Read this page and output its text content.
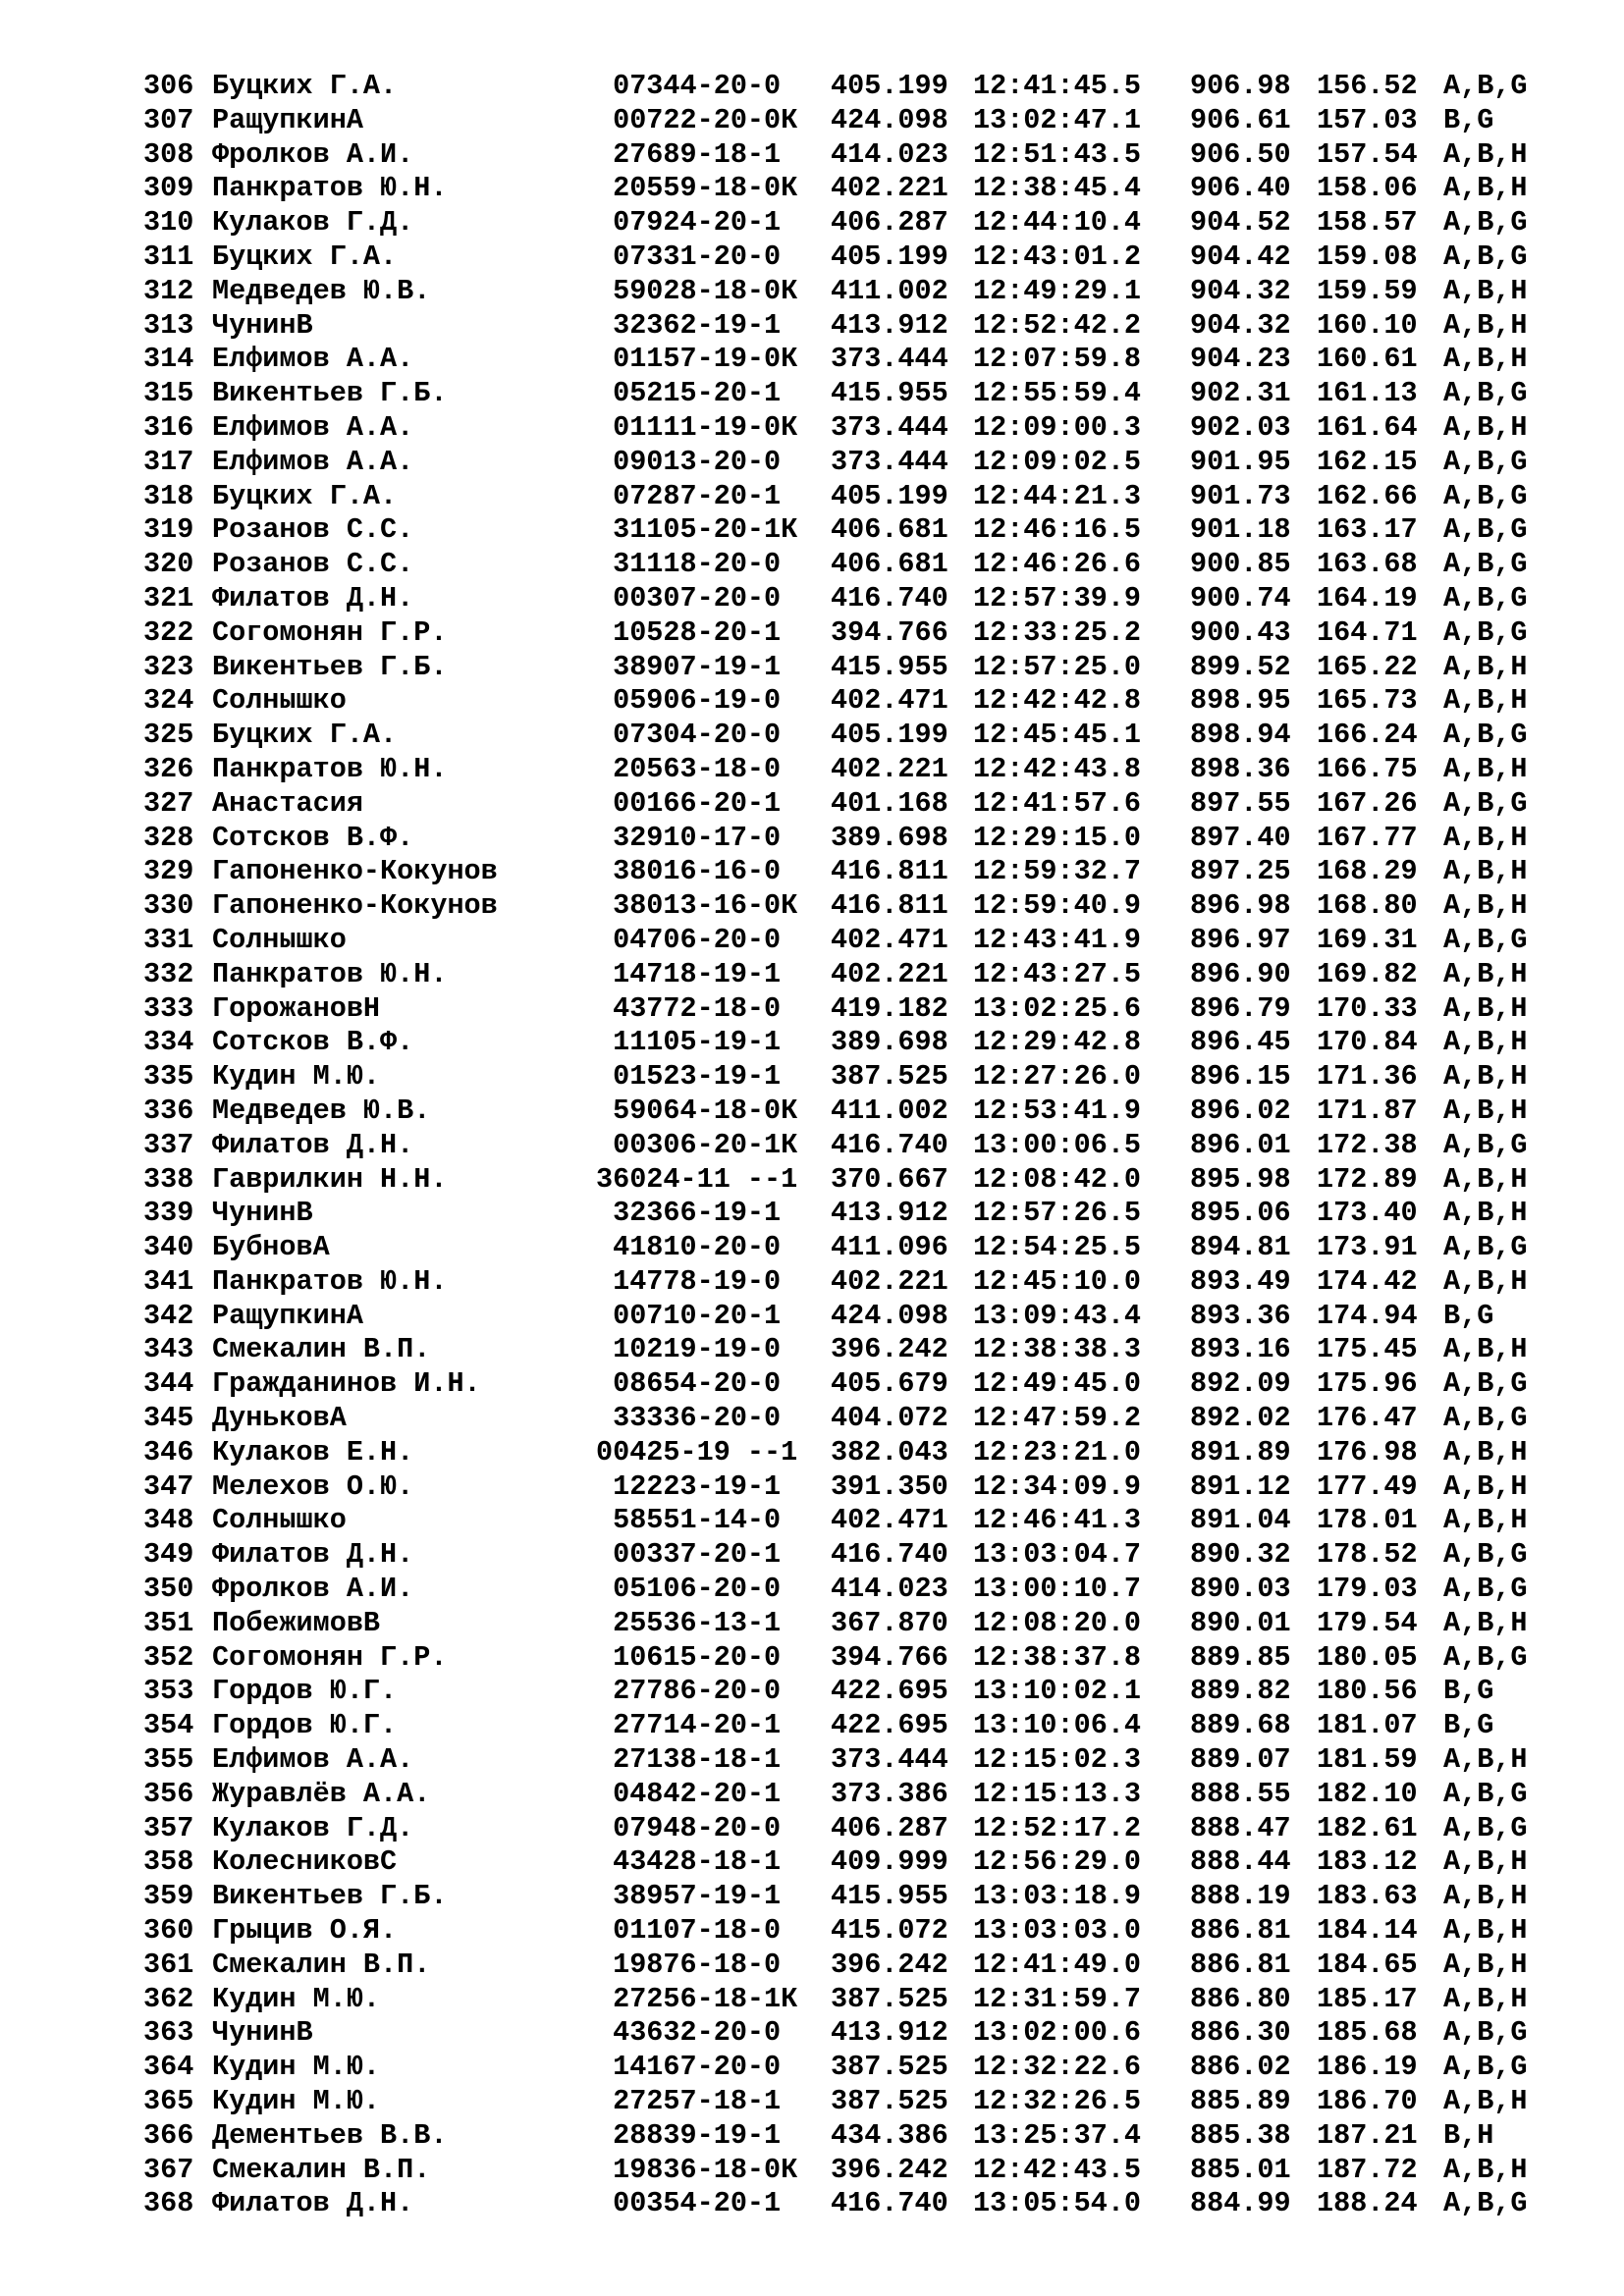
306 Буцких Г.А.	07344-20-0 405.199 12:41:45.5 906.98 156.52 A,B,G
307 РащупкинА	00722-20-0К 424.098 13:02:47.1 906.61 157.03 B,G
308 Фролков А.И.	27689-18-1 414.023 12:51:43.5 906.50 157.54 A,B,H
309 Панкратов Ю.Н.	20559-18-0К 402.221 12:38:45.4 906.40 158.06 A,B,H
310 Кулаков Г.Д.	07924-20-1 406.287 12:44:10.4 904.52 158.57 A,B,G
311 Буцких Г.А.	07331-20-0 405.199 12:43:01.2 904.42 159.08 A,B,G
312 Медведев Ю.В.	59028-18-0К 411.002 12:49:29.1 904.32 159.59 A,B,H
313 ЧунинВ	32362-19-1 413.912 12:52:42.2 904.32 160.10 A,B,H
314 Елфимов А.А.	01157-19-0К 373.444 12:07:59.8 904.23 160.61 A,B,H
315 Викентьев Г.Б.	05215-20-1 415.955 12:55:59.4 902.31 161.13 A,B,G
316 Елфимов А.А.	01111-19-0К 373.444 12:09:00.3 902.03 161.64 A,B,H
317 Елфимов А.А.	09013-20-0 373.444 12:09:02.5 901.95 162.15 A,B,G
318 Буцких Г.А.	07287-20-1 405.199 12:44:21.3 901.73 162.66 A,B,G
319 Розанов С.С.	31105-20-1К 406.681 12:46:16.5 901.18 163.17 A,B,G
320 Розанов С.С.	31118-20-0 406.681 12:46:26.6 900.85 163.68 A,B,G
321 Филатов Д.Н.	00307-20-0 416.740 12:57:39.9 900.74 164.19 A,B,G
322 Согомонян Г.Р.	10528-20-1 394.766 12:33:25.2 900.43 164.71 A,B,G
323 Викентьев Г.Б.	38907-19-1 415.955 12:57:25.0 899.52 165.22 A,B,H
324 Солнышко	05906-19-0 402.471 12:42:42.8 898.95 165.73 A,B,H
325 Буцких Г.А.	07304-20-0 405.199 12:45:45.1 898.94 166.24 A,B,G
326 Панкратов Ю.Н.	20563-18-0 402.221 12:42:43.8 898.36 166.75 A,B,H
327 Анастасия	00166-20-1 401.168 12:41:57.6 897.55 167.26 A,B,G
328 Сотсков В.Ф.	32910-17-0 389.698 12:29:15.0 897.40 167.77 A,B,H
329 Гапоненко-Кокунов	38016-16-0 416.811 12:59:32.7 897.25 168.29 A,B,H
330 Гапоненко-Кокунов	38013-16-0К 416.811 12:59:40.9 896.98 168.80 A,B,H
331 Солнышко	04706-20-0 402.471 12:43:41.9 896.97 169.31 A,B,G
332 Панкратов Ю.Н.	14718-19-1 402.221 12:43:27.5 896.90 169.82 A,B,H
333 ГорожановН	43772-18-0 419.182 13:02:25.6 896.79 170.33 A,B,H
334 Сотсков В.Ф.	11105-19-1 389.698 12:29:42.8 896.45 170.84 A,B,H
335 Кудин М.Ю.	01523-19-1 387.525 12:27:26.0 896.15 171.36 A,B,H
336 Медведев Ю.В.	59064-18-0К 411.002 12:53:41.9 896.02 171.87 A,B,H
337 Филатов Д.Н.	00306-20-1К 416.740 13:00:06.5 896.01 172.38 A,B,G
338 Гаврилкин Н.Н.	36024-11 --1 370.667 12:08:42.0 895.98 172.89 A,B,H
339 ЧунинВ	32366-19-1 413.912 12:57:26.5 895.06 173.40 A,B,H
340 БубновА	41810-20-0 411.096 12:54:25.5 894.81 173.91 A,B,G
341 Панкратов Ю.Н.	14778-19-0 402.221 12:45:10.0 893.49 174.42 A,B,H
342 РащупкинА	00710-20-1 424.098 13:09:43.4 893.36 174.94 B,G
343 Смекалин В.П.	10219-19-0 396.242 12:38:38.3 893.16 175.45 A,B,H
344 Гражданинов И.Н.	08654-20-0 405.679 12:49:45.0 892.09 175.96 A,B,G
345 ДуньковА	33336-20-0 404.072 12:47:59.2 892.02 176.47 A,B,G
346 Кулаков Е.Н.	00425-19 --1 382.043 12:23:21.0 891.89 176.98 A,B,H
347 Мелехов О.Ю.	12223-19-1 391.350 12:34:09.9 891.12 177.49 A,B,H
348 Солнышко	58551-14-0 402.471 12:46:41.3 891.04 178.01 A,B,H
349 Филатов Д.Н.	00337-20-1 416.740 13:03:04.7 890.32 178.52 A,B,G
350 Фролков А.И.	05106-20-0 414.023 13:00:10.7 890.03 179.03 A,B,G
351 ПобежимовВ	25536-13-1 367.870 12:08:20.0 890.01 179.54 A,B,H
352 Согомонян Г.Р.	10615-20-0 394.766 12:38:37.8 889.85 180.05 A,B,G
353 Гордов Ю.Г.	27786-20-0 422.695 13:10:02.1 889.82 180.56 B,G
354 Гордов Ю.Г.	27714-20-1 422.695 13:10:06.4 889.68 181.07 B,G
355 Елфимов А.А.	27138-18-1 373.444 12:15:02.3 889.07 181.59 A,B,H
356 Журавлёв А.А.	04842-20-1 373.386 12:15:13.3 888.55 182.10 A,B,G
357 Кулаков Г.Д.	07948-20-0 406.287 12:52:17.2 888.47 182.61 A,B,G
358 КолесниковС	43428-18-1 409.999 12:56:29.0 888.44 183.12 A,B,H
359 Викентьев Г.Б.	38957-19-1 415.955 13:03:18.9 888.19 183.63 A,B,H
360 Грыцив О.Я.	01107-18-0 415.072 13:03:03.0 886.81 184.14 A,B,H
361 Смекалин В.П.	19876-18-0 396.242 12:41:49.0 886.81 184.65 A,B,H
362 Кудин М.Ю.	27256-18-1К 387.525 12:31:59.7 886.80 185.17 A,B,H
363 ЧунинВ	43632-20-0 413.912 13:02:00.6 886.30 185.68 A,B,G
364 Кудин М.Ю.	14167-20-0 387.525 12:32:22.6 886.02 186.19 A,B,G
365 Кудин М.Ю.	27257-18-1 387.525 12:32:26.5 885.89 186.70 A,B,H
366 Дементьев В.В.	28839-19-1 434.386 13:25:37.4 885.38 187.21 B,H
367 Смекалин В.П.	19836-18-0К 396.242 12:42:43.5 885.01 187.72 A,B,H
368 Филатов Д.Н.	00354-20-1 416.740 13:05:54.0 884.99 188.24 A,B,G
